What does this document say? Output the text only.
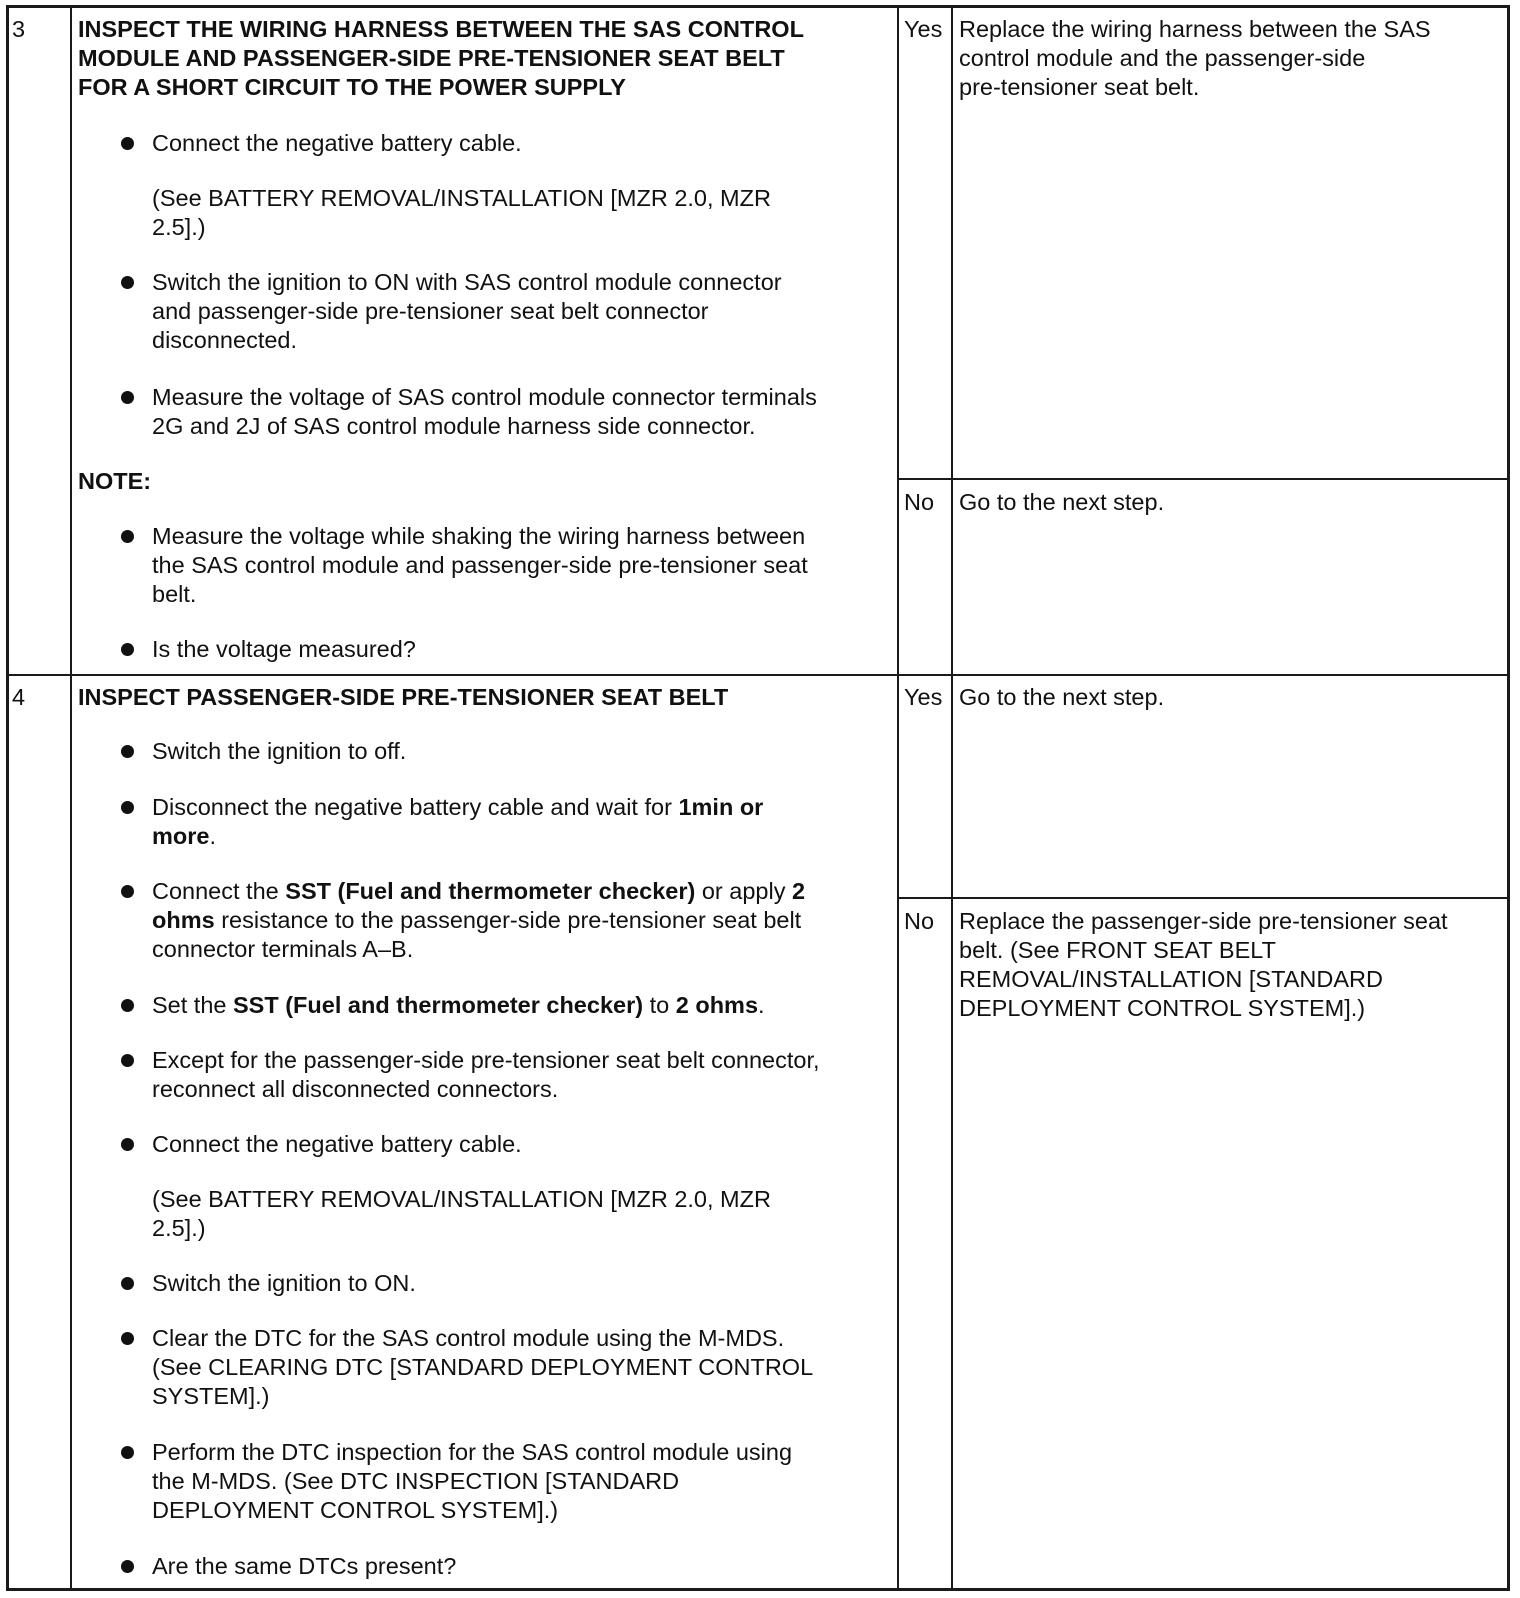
3 INSPECT THE WIRING HARNESS BETWEEN THE SAS CONTROL
MODULE AND PASSENGER-SIDE PRE-TENSIONER SEAT BELT
FOR A SHORT CIRCUIT TO THE POWER SUPPLY
Connect the negative battery cable.
(See BATTERY REMOVAL/INSTALLATION [MZR 2.0, MZR
2.5].)
Switch the ignition to ON with SAS control module connector
and passenger-side pre-tensioner seat belt connector
disconnected.
Measure the voltage of SAS control module connector terminals
2G and 2J of SAS control module harness side connector.
NOTE:
Measure the voltage while shaking the wiring harness between
the SAS control module and passenger-side pre-tensioner seat
belt.
Is the voltage measured?
Yes Replace the wiring harness between the SAS
control module and the passenger-side
pre-tensioner seat belt.
No Go to the next step.
4 INSPECT PASSENGER-SIDE PRE-TENSIONER SEAT BELT
Switch the ignition to off.
Disconnect the negative battery cable and wait for 1min or
more.
Connect the SST (Fuel and thermometer checker) or apply 2
ohms resistance to the passenger-side pre-tensioner seat belt
connector terminals A–B.
Set the SST (Fuel and thermometer checker) to 2 ohms.
Except for the passenger-side pre-tensioner seat belt connector,
reconnect all disconnected connectors.
Connect the negative battery cable.
(See BATTERY REMOVAL/INSTALLATION [MZR 2.0, MZR
2.5].)
Switch the ignition to ON.
Clear the DTC for the SAS control module using the M-MDS.
(See CLEARING DTC [STANDARD DEPLOYMENT CONTROL
SYSTEM].)
Perform the DTC inspection for the SAS control module using
the M-MDS. (See DTC INSPECTION [STANDARD
DEPLOYMENT CONTROL SYSTEM].)
Are the same DTCs present?
Yes Go to the next step.
No Replace the passenger-side pre-tensioner seat
belt. (See FRONT SEAT BELT
REMOVAL/INSTALLATION [STANDARD
DEPLOYMENT CONTROL SYSTEM].)
